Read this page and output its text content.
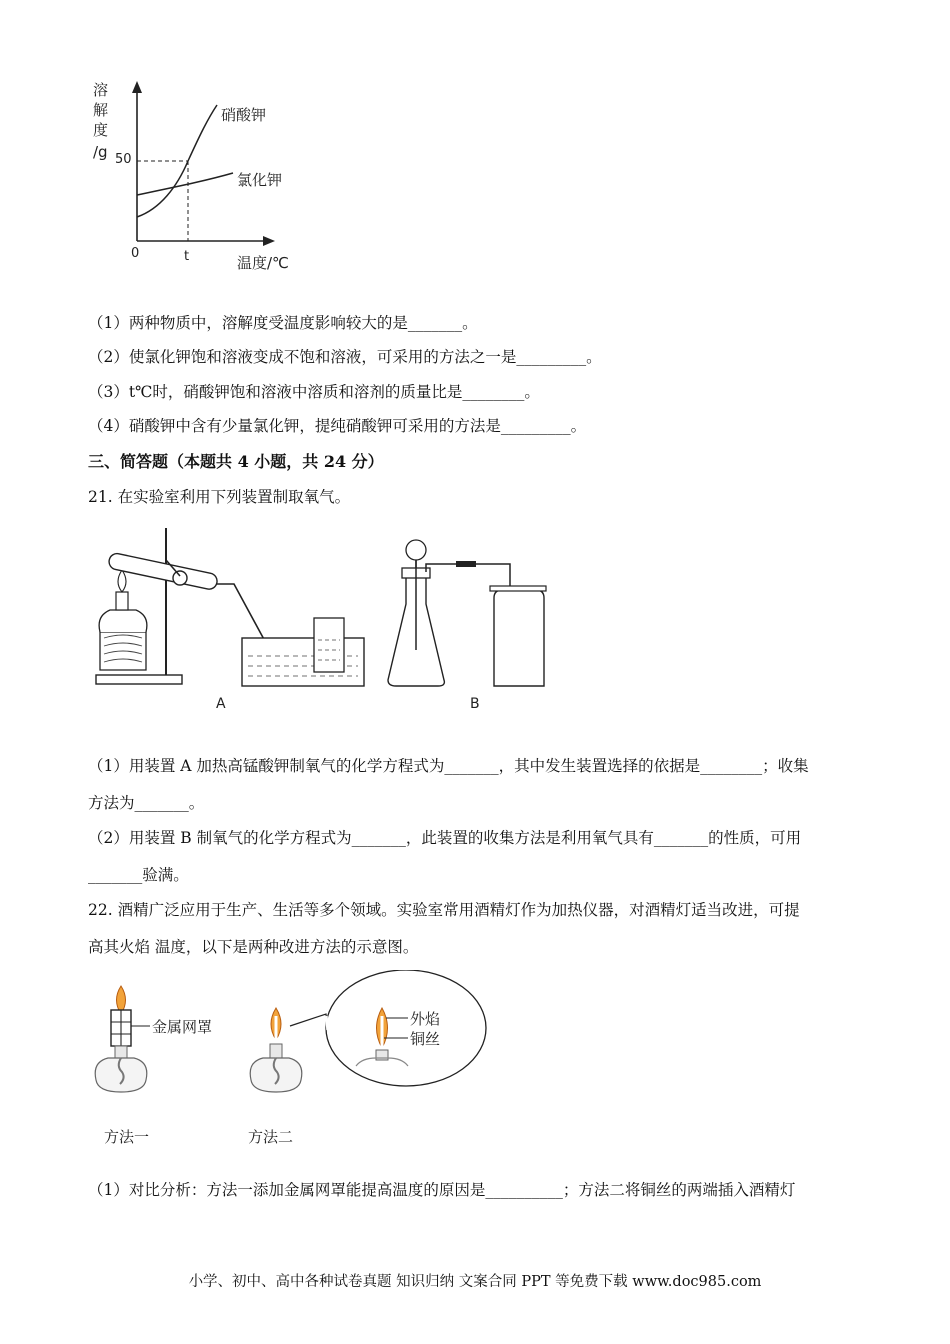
溶
解
度
/g 50
0	t	温度/℃
硝酸钾
氯化钾
（1）两种物质中，溶解度受温度影响较大的是_______。
（2）使氯化钾饱和溶液变成不饱和溶液，可采用的方法之一是_________。
（3）t℃时，硝酸钾饱和溶液中溶质和溶剂的质量比是________。
（4）硝酸钾中含有少量氯化钾，提纯硝酸钾可采用的方法是_________。
三、简答题（本题共 4 小题，共 24 分）
21. 在实验室利用下列装置制取氧气。
A	B
（1）用装置 A 加热高锰酸钾制氧气的化学方程式为_______，其中发生装置选择的依据是________；收集
方法为_______。
（2）用装置 B 制氧气的化学方程式为_______，此装置的收集方法是利用氧气具有_______的性质，可用
_______验满。
22. 酒精广泛应用于生产、生活等多个领域。实验室常用酒精灯作为加热仪器，对酒精灯适当改进，可提
高其火焰 温度，以下是两种改进方法的示意图。
金属网罩
方法一	方法二
外焰
铜丝
（1）对比分析：方法一添加金属网罩能提高温度的原因是__________；方法二将铜丝的两端插入酒精灯
小学、初中、高中各种试卷真题 知识归纳 文案合同 PPT 等免费下载 www.doc985.com
